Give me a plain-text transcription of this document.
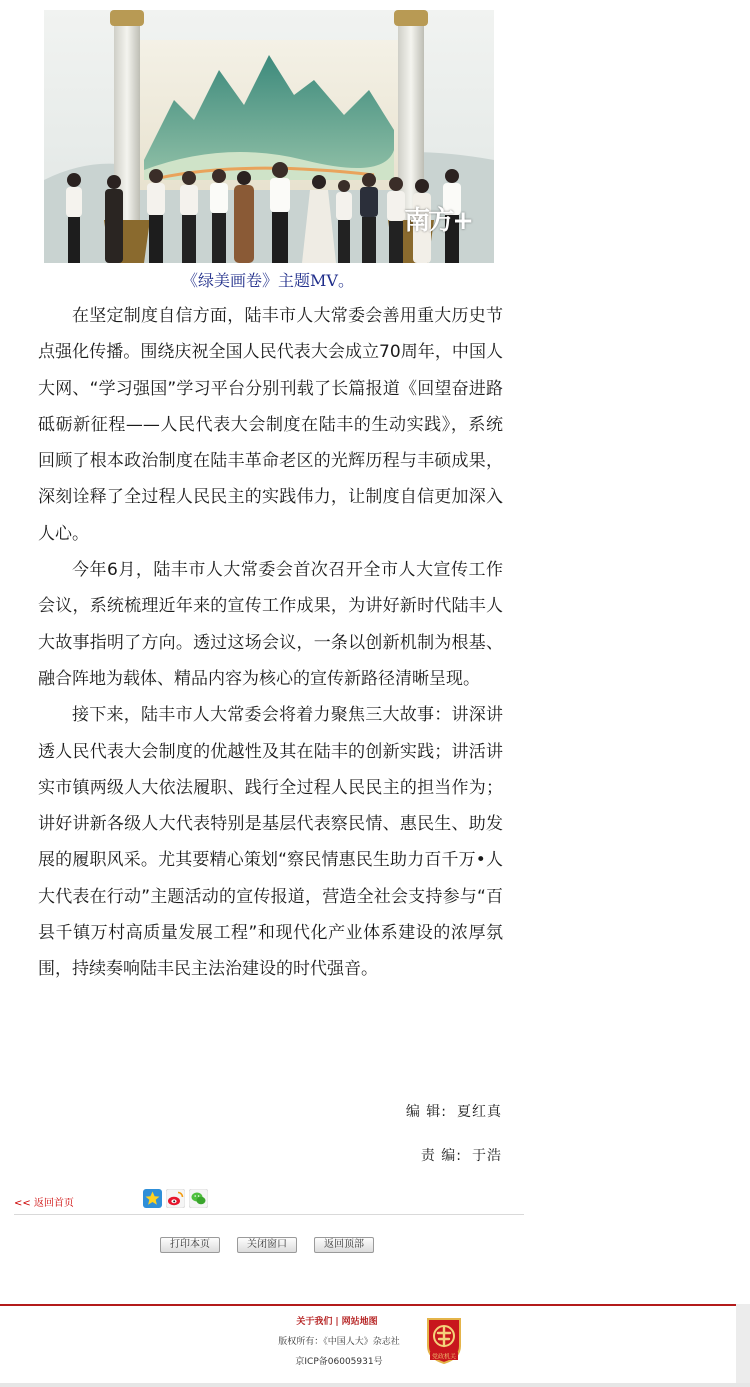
南方+
《绿美画卷》主题MV。

在坚定制度自信方面，陆丰市人大常委会善用重大历史节点强化传播。围绕庆祝全国人民代表大会成立70周年，中国人大网、“学习强国”学习平台分别刊载了长篇报道《回望奋进路 砥砺新征程——人民代表大会制度在陆丰的生动实践》，系统回顾了根本政治制度在陆丰革命老区的光辉历程与丰硕成果，深刻诠释了全过程人民民主的实践伟力，让制度自信更加深入人心。

今年6月，陆丰市人大常委会首次召开全市人大宣传工作会议，系统梳理近年来的宣传工作成果，为讲好新时代陆丰人大故事指明了方向。透过这场会议，一条以创新机制为根基、融合阵地为载体、精品内容为核心的宣传新路径清晰呈现。

接下来，陆丰市人大常委会将着力聚焦三大故事：讲深讲透人民代表大会制度的优越性及其在陆丰的创新实践；讲活讲实市镇两级人大依法履职、践行全过程人民民主的担当作为；讲好讲新各级人大代表特别是基层代表察民情、惠民生、助发展的履职风采。尤其要精心策划“察民情惠民生助力百千万•人大代表在行动”主题活动的宣传报道，营造全社会支持参与“百县千镇万村高质量发展工程”和现代化产业体系建设的浓厚氛围，持续奏响陆丰民主法治建设的时代强音。

编 辑: 夏红真
责 编: 于浩
<< 返回首页
打印本页	关闭窗口	返回顶部
关于我们 | 网站地图
版权所有：《中国人大》杂志社
京ICP备06005931号	党政机关
